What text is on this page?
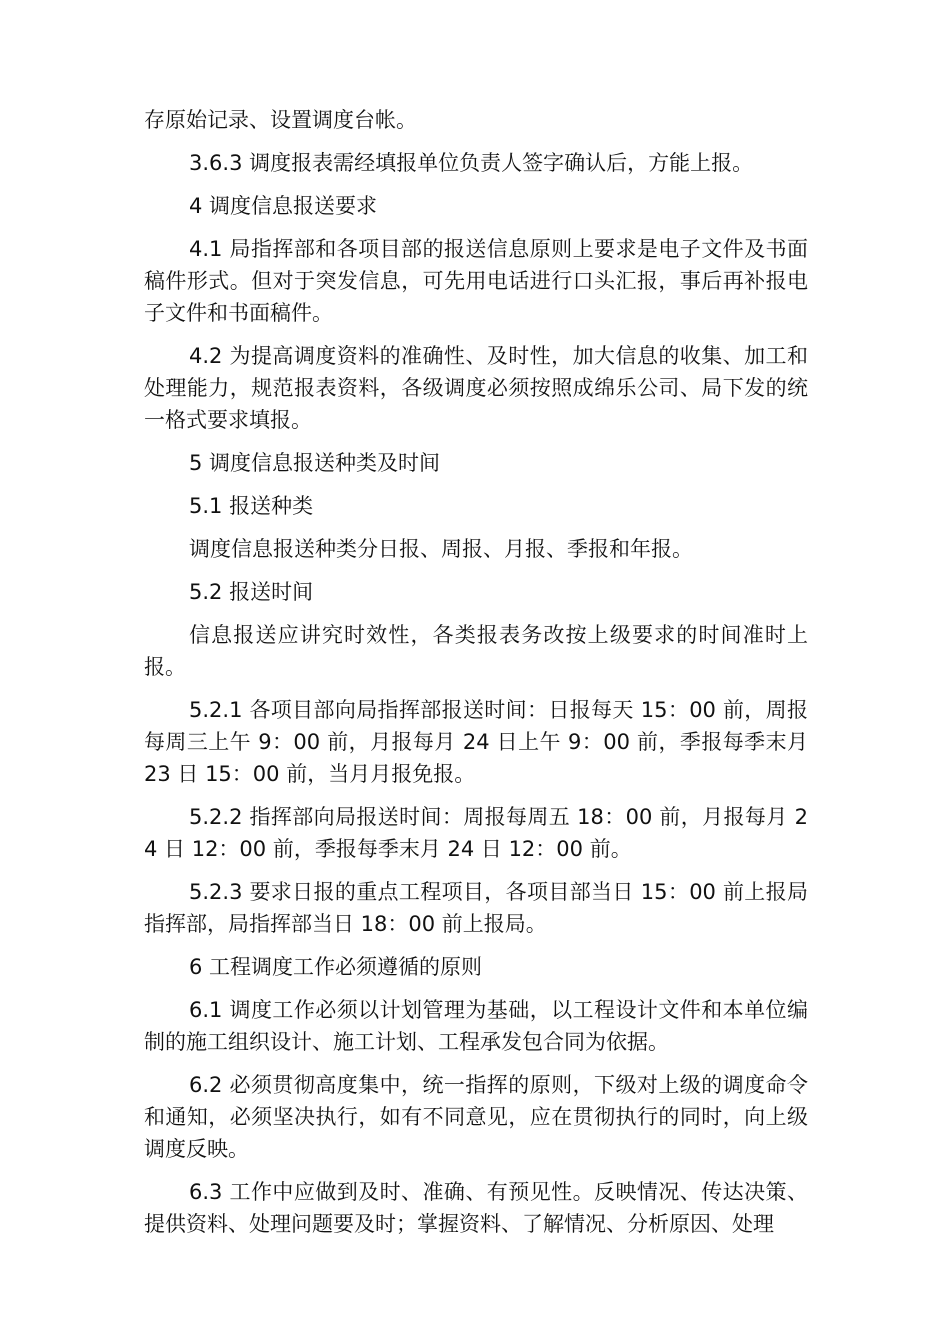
存原始记录、设置调度台帐。

3.6.3 调度报表需经填报单位负责人签字确认后，方能上报。

4 调度信息报送要求

4.1 局指挥部和各项目部的报送信息原则上要求是电子文件及书面稿件形式。但对于突发信息，可先用电话进行口头汇报，事后再补报电子文件和书面稿件。

4.2 为提高调度资料的准确性、及时性，加大信息的收集、加工和处理能力，规范报表资料，各级调度必须按照成绵乐公司、局下发的统一格式要求填报。

5 调度信息报送种类及时间

5.1 报送种类

调度信息报送种类分日报、周报、月报、季报和年报。

5.2 报送时间

信息报送应讲究时效性，各类报表务改按上级要求的时间准时上报。

5.2.1 各项目部向局指挥部报送时间：日报每天 15：00 前，周报每周三上午 9：00 前，月报每月 24 日上午 9：00 前，季报每季末月 23 日 15：00 前，当月月报免报。

5.2.2 指挥部向局报送时间：周报每周五 18：00 前，月报每月 24 日 12：00 前，季报每季末月 24 日 12：00 前。

5.2.3 要求日报的重点工程项目，各项目部当日 15：00 前上报局指挥部，局指挥部当日 18：00 前上报局。

6 工程调度工作必须遵循的原则

6.1 调度工作必须以计划管理为基础，以工程设计文件和本单位编制的施工组织设计、施工计划、工程承发包合同为依据。

6.2 必须贯彻高度集中，统一指挥的原则，下级对上级的调度命令和通知，必须坚决执行，如有不同意见，应在贯彻执行的同时，向上级调度反映。

6.3 工作中应做到及时、准确、有预见性。反映情况、传达决策、提供资料、处理问题要及时；掌握资料、了解情况、分析原因、处理
